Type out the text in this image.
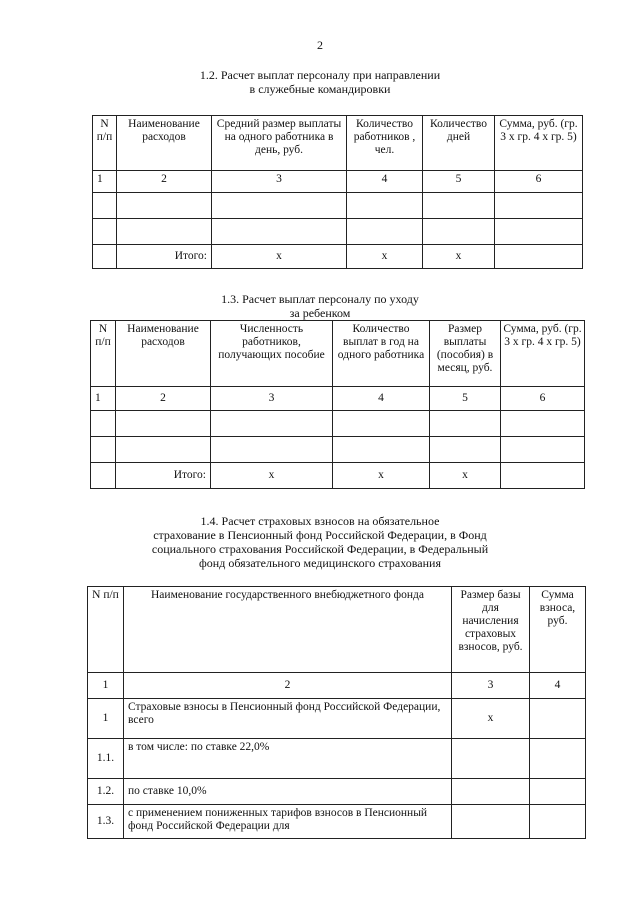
2
1.2. Расчет выплат персоналу при направлении
в служебные командировки
N п/п	Наименование расходов	Средний размер выплаты на одного работника в день, руб.	Количество работников , чел.	Количество дней	Сумма, руб. (гр. 3 х гр. 4 х гр. 5)
1	2	3	4	5	6

	Итого:	х	х	х	
1.3. Расчет выплат персоналу по уходу
за ребенком
N п/п	Наименование расходов	Численность работников, получающих пособие	Количество выплат в год на одного работника	Размер выплаты (пособия) в месяц, руб.	Сумма, руб. (гр. 3 х гр. 4 х гр. 5)
1	2	3	4	5	6

	Итого:	х	х	х	
1.4. Расчет страховых взносов на обязательное
страхование в Пенсионный фонд Российской Федерации, в Фонд
социального страхования Российской Федерации, в Федеральный
фонд обязательного медицинского страхования
N п/п	Наименование государственного внебюджетного фонда	Размер базы для начисления страховых взносов, руб.	Сумма взноса, руб.
1	2	3	4
1	Страховые взносы в Пенсионный фонд Российской Федерации, всего	х	
1.1.	в том числе: по ставке 22,0%		
1.2.	по ставке 10,0%		
1.3.	с применением пониженных тарифов взносов в Пенсионный фонд Российской Федерации для		
